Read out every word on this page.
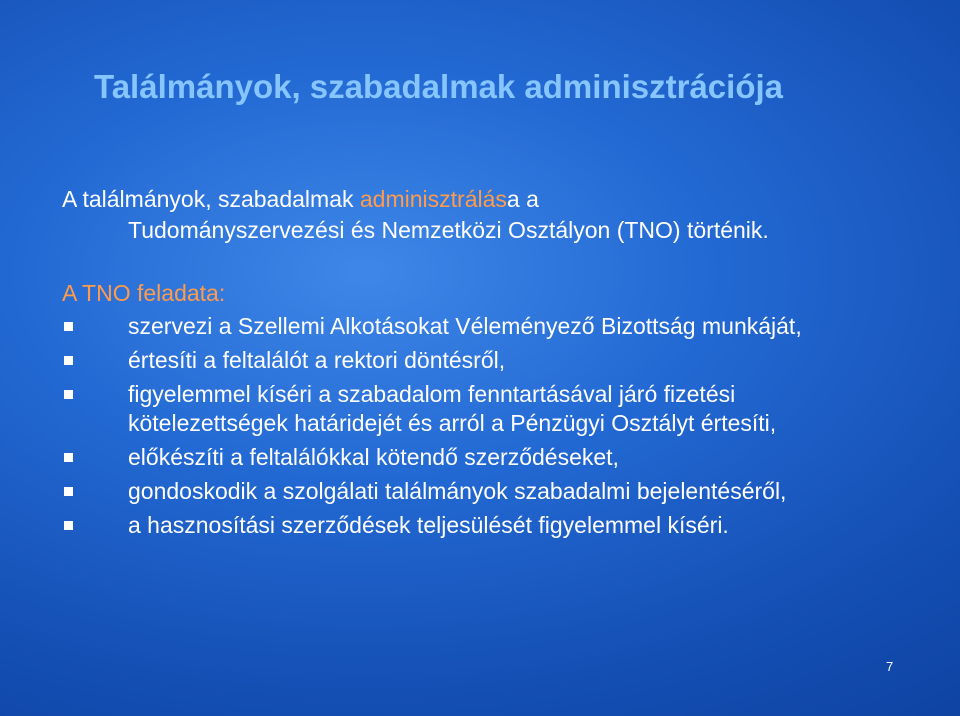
Találmányok, szabadalmak adminisztrációja
A találmányok, szabadalmak adminisztrálása a
Tudományszervezési és Nemzetközi Osztályon (TNO) történik.
A TNO feladata:
szervezi a Szellemi Alkotásokat Véleményező Bizottság munkáját,
értesíti a feltalálót a rektori döntésről,
figyelemmel kíséri a szabadalom fenntartásával járó fizetési kötelezettségek határidejét és arról a Pénzügyi Osztályt értesíti,
előkészíti a feltalálókkal kötendő szerződéseket,
gondoskodik a szolgálati találmányok szabadalmi bejelentéséről,
a hasznosítási szerződések teljesülését figyelemmel kíséri.
7
